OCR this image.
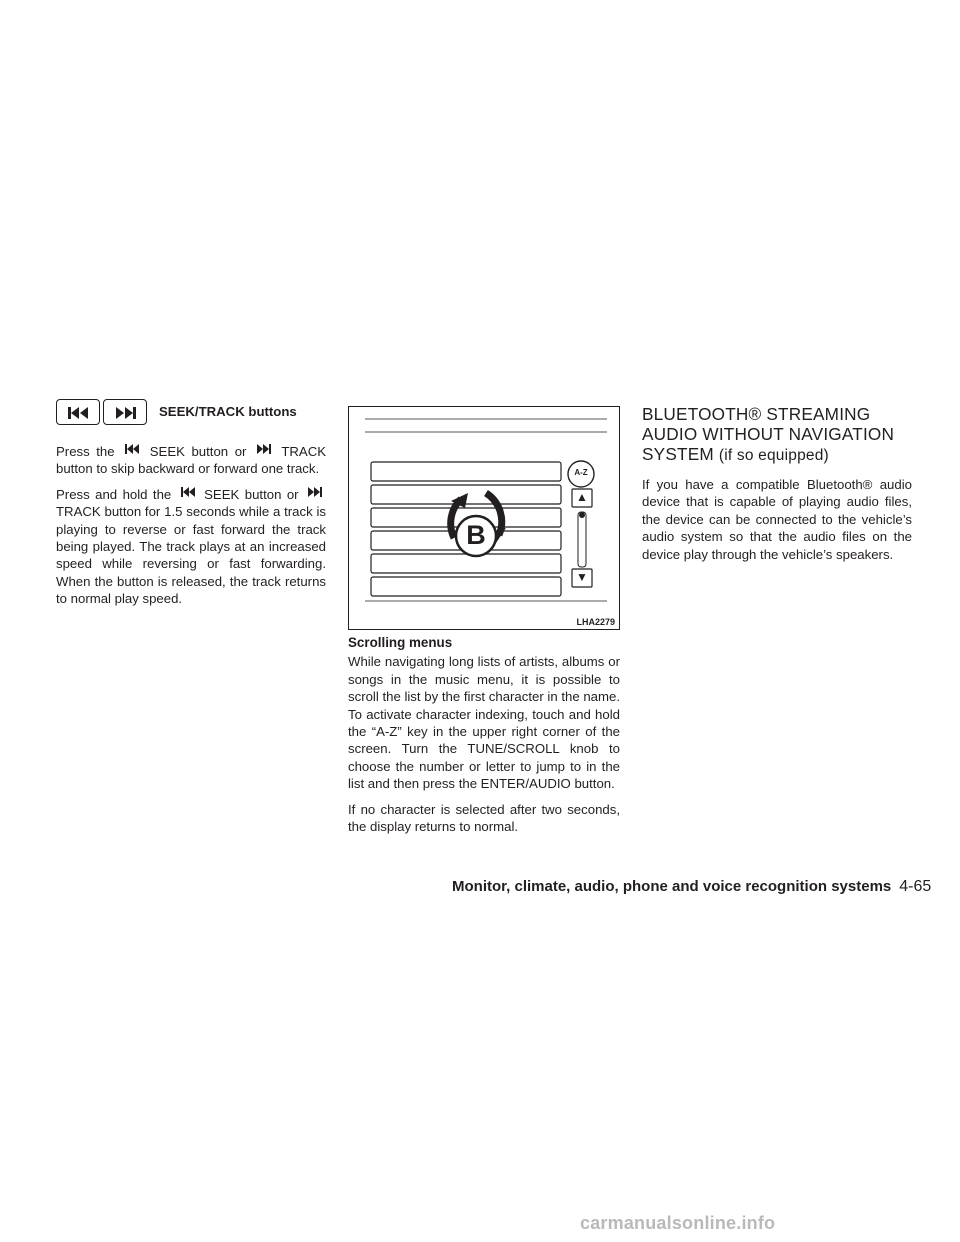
SEEK/TRACK buttons

Press the	SEEK button or	TRACK button to skip backward or forward one track.

Press and hold the SEEK button or  TRACK button for 1.5 seconds while a track is playing to reverse or fast forward the track being played. The track plays at an increased speed while reversing or fast forwarding. When the button is released, the track returns to normal play speed.

A-Z
▲
▼
B
LHA2279
Scrolling menus

While navigating long lists of artists, albums or songs in the music menu, it is possible to scroll the list by the first character in the name. To activate character indexing, touch and hold the “A-Z” key in the upper right corner of the screen. Turn the TUNE/SCROLL knob to choose the number or letter to jump to in the list and then press the ENTER/AUDIO button.

If no character is selected after two seconds, the display returns to normal.

BLUETOOTH® STREAMING AUDIO WITHOUT NAVIGATION SYSTEM (if so equipped)

If you have a compatible Bluetooth® audio device that is capable of playing audio files, the device can be connected to the vehicle’s audio system so that the audio files on the device play through the vehicle’s speakers.

Monitor, climate, audio, phone and voice recognition systems 4-65
carmanualsonline.info
